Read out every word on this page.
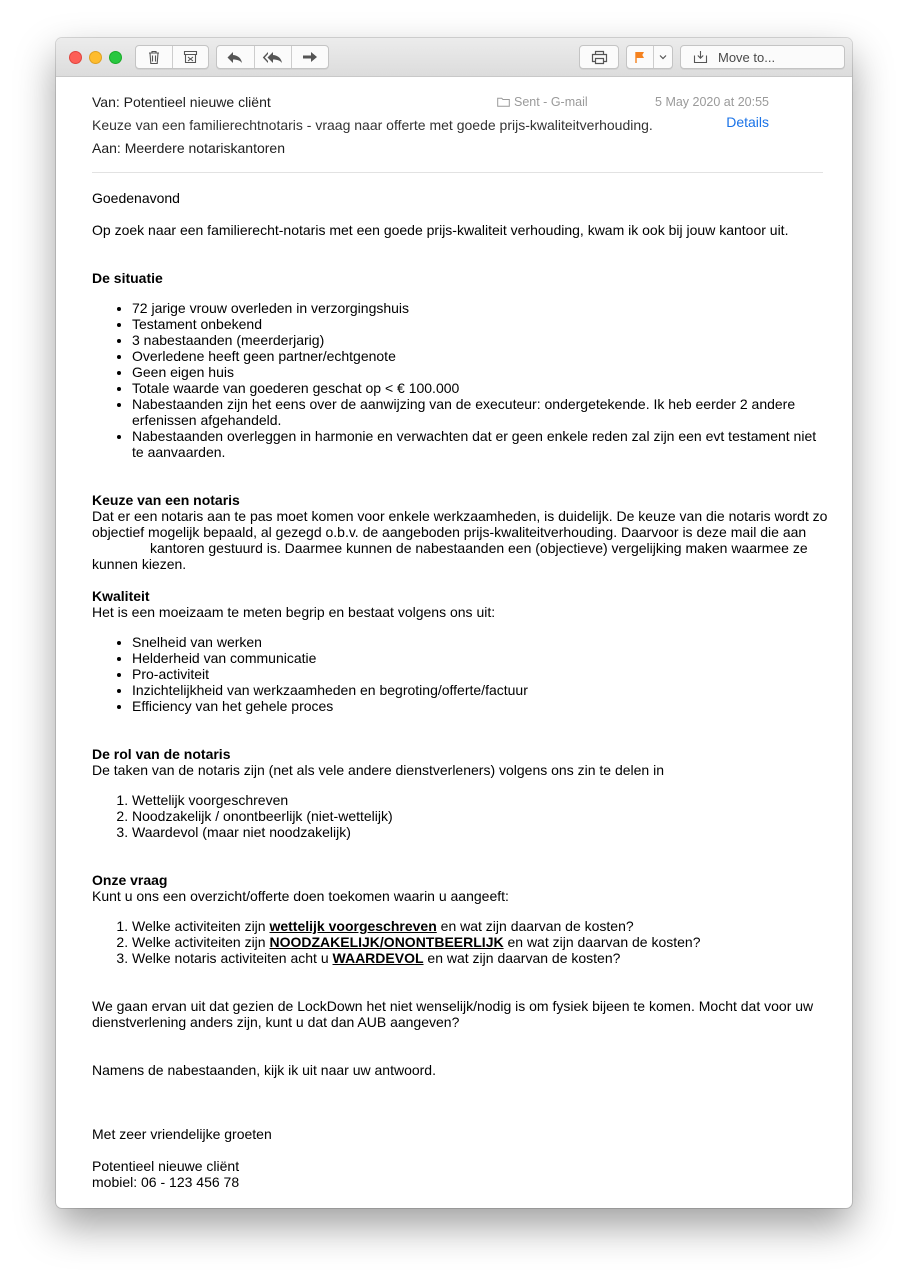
Move to...
Van: Potentieel nieuwe cliënt	Sent - G-mail	5 May 2020 at 20:55
Keuze van een familierechtnotaris - vraag naar offerte met goede prijs-kwaliteitverhouding.	Details
Aan: Meerdere notariskantoren

Goedenavond

Op zoek naar een familierecht-notaris met een goede prijs-kwaliteit verhouding, kwam ik ook bij jouw kantoor uit.

De situatie

• 72 jarige vrouw overleden in verzorgingshuis
• Testament onbekend
• 3 nabestaanden (meerderjarig)
• Overledene heeft geen partner/echtgenote
• Geen eigen huis
• Totale waarde van goederen geschat op < € 100.000
• Nabestaanden zijn het eens over de aanwijzing van de executeur: ondergetekende. Ik heb eerder 2 andere erfenissen afgehandeld.
• Nabestaanden overleggen in harmonie en verwachten dat er geen enkele reden zal zijn een evt testament niet te aanvaarden.

Keuze van een notaris

Dat er een notaris aan te pas moet komen voor enkele werkzaamheden, is duidelijk. De keuze van die notaris wordt zo objectief mogelijk bepaald, al gezegd o.b.v. de aangeboden prijs-kwaliteitverhouding. Daarvoor is deze mail die aan
kantoren gestuurd is. Daarmee kunnen de nabestaanden een (objectieve) vergelijking maken waarmee ze kunnen kiezen.

Kwaliteit

Het is een moeizaam te meten begrip en bestaat volgens ons uit:

• Snelheid van werken
• Helderheid van communicatie
• Pro-activiteit
• Inzichtelijkheid van werkzaamheden en begroting/offerte/factuur
• Efficiency van het gehele proces

De rol van de notaris

De taken van de notaris zijn (net als vele andere dienstverleners) volgens ons zin te delen in

1. Wettelijk voorgeschreven
2. Noodzakelijk / onontbeerlijk (niet-wettelijk)
3. Waardevol (maar niet noodzakelijk)

Onze vraag

Kunt u ons een overzicht/offerte doen toekomen waarin u aangeeft:

1. Welke activiteiten zijn wettelijk voorgeschreven en wat zijn daarvan de kosten?
2. Welke activiteiten zijn NOODZAKELIJK/ONONTBEERLIJK en wat zijn daarvan de kosten?
3. Welke notaris activiteiten acht u WAARDEVOL en wat zijn daarvan de kosten?

We gaan ervan uit dat gezien de LockDown het niet wenselijk/nodig is om fysiek bijeen te komen. Mocht dat voor uw dienstverlening anders zijn, kunt u dat dan AUB aangeven?

Namens de nabestaanden, kijk ik uit naar uw antwoord.

Met zeer vriendelijke groeten

Potentieel nieuwe cliënt

mobiel: 06 - 123 456 78
